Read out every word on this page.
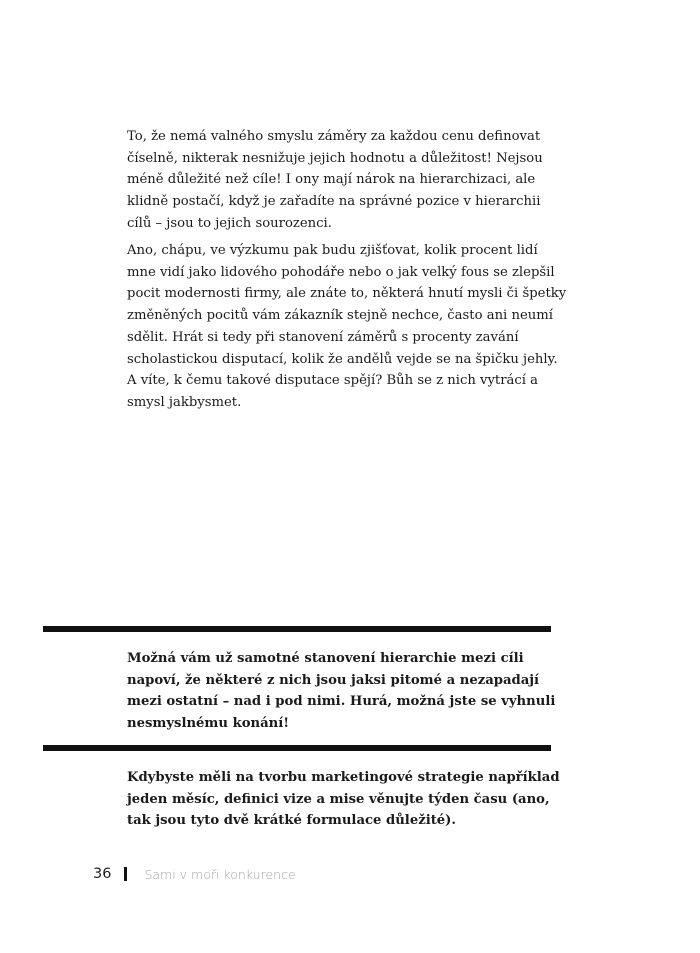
To, že nemá valného smyslu záměry za každou cenu definovat číselně, nikterak nesnižuje jejich hodnotu a důležitost! Nejsou méně důležité než cíle! I ony mají nárok na hierarchizaci, ale klidně postačí, když je zařadíte na správné pozice v hierarchii cílů – jsou to jejich sourozenci.

Ano, chápu, ve výzkumu pak budu zjišťovat, kolik procent lidí mne vidí jako lidového pohodáře nebo o jak velký fous se zlepšil pocit modernosti firmy, ale znáte to, některá hnutí mysli či špetky změněných pocitů vám zákazník stejně nechce, často ani neumí sdělit. Hrát si tedy při stanovení záměrů s procenty zavání scholastickou disputací, kolik že andělů vejde se na špičku jehly. A víte, k čemu takové disputace spějí? Bůh se z nich vytrácí a smysl jakbysmet.

Možná vám už samotné stanovení hierarchie mezi cíli napoví, že některé z nich jsou jaksi pitomé a nezapadají mezi ostatní – nad i pod nimi. Hurá, možná jste se vyhnuli nesmyslnému konání!

Kdybyste měli na tvorbu marketingové strategie například jeden měsíc, definici vize a mise věnujte týden času (ano, tak jsou tyto dvě krátké formulace důležité).

36	Sami v moři konkurence
